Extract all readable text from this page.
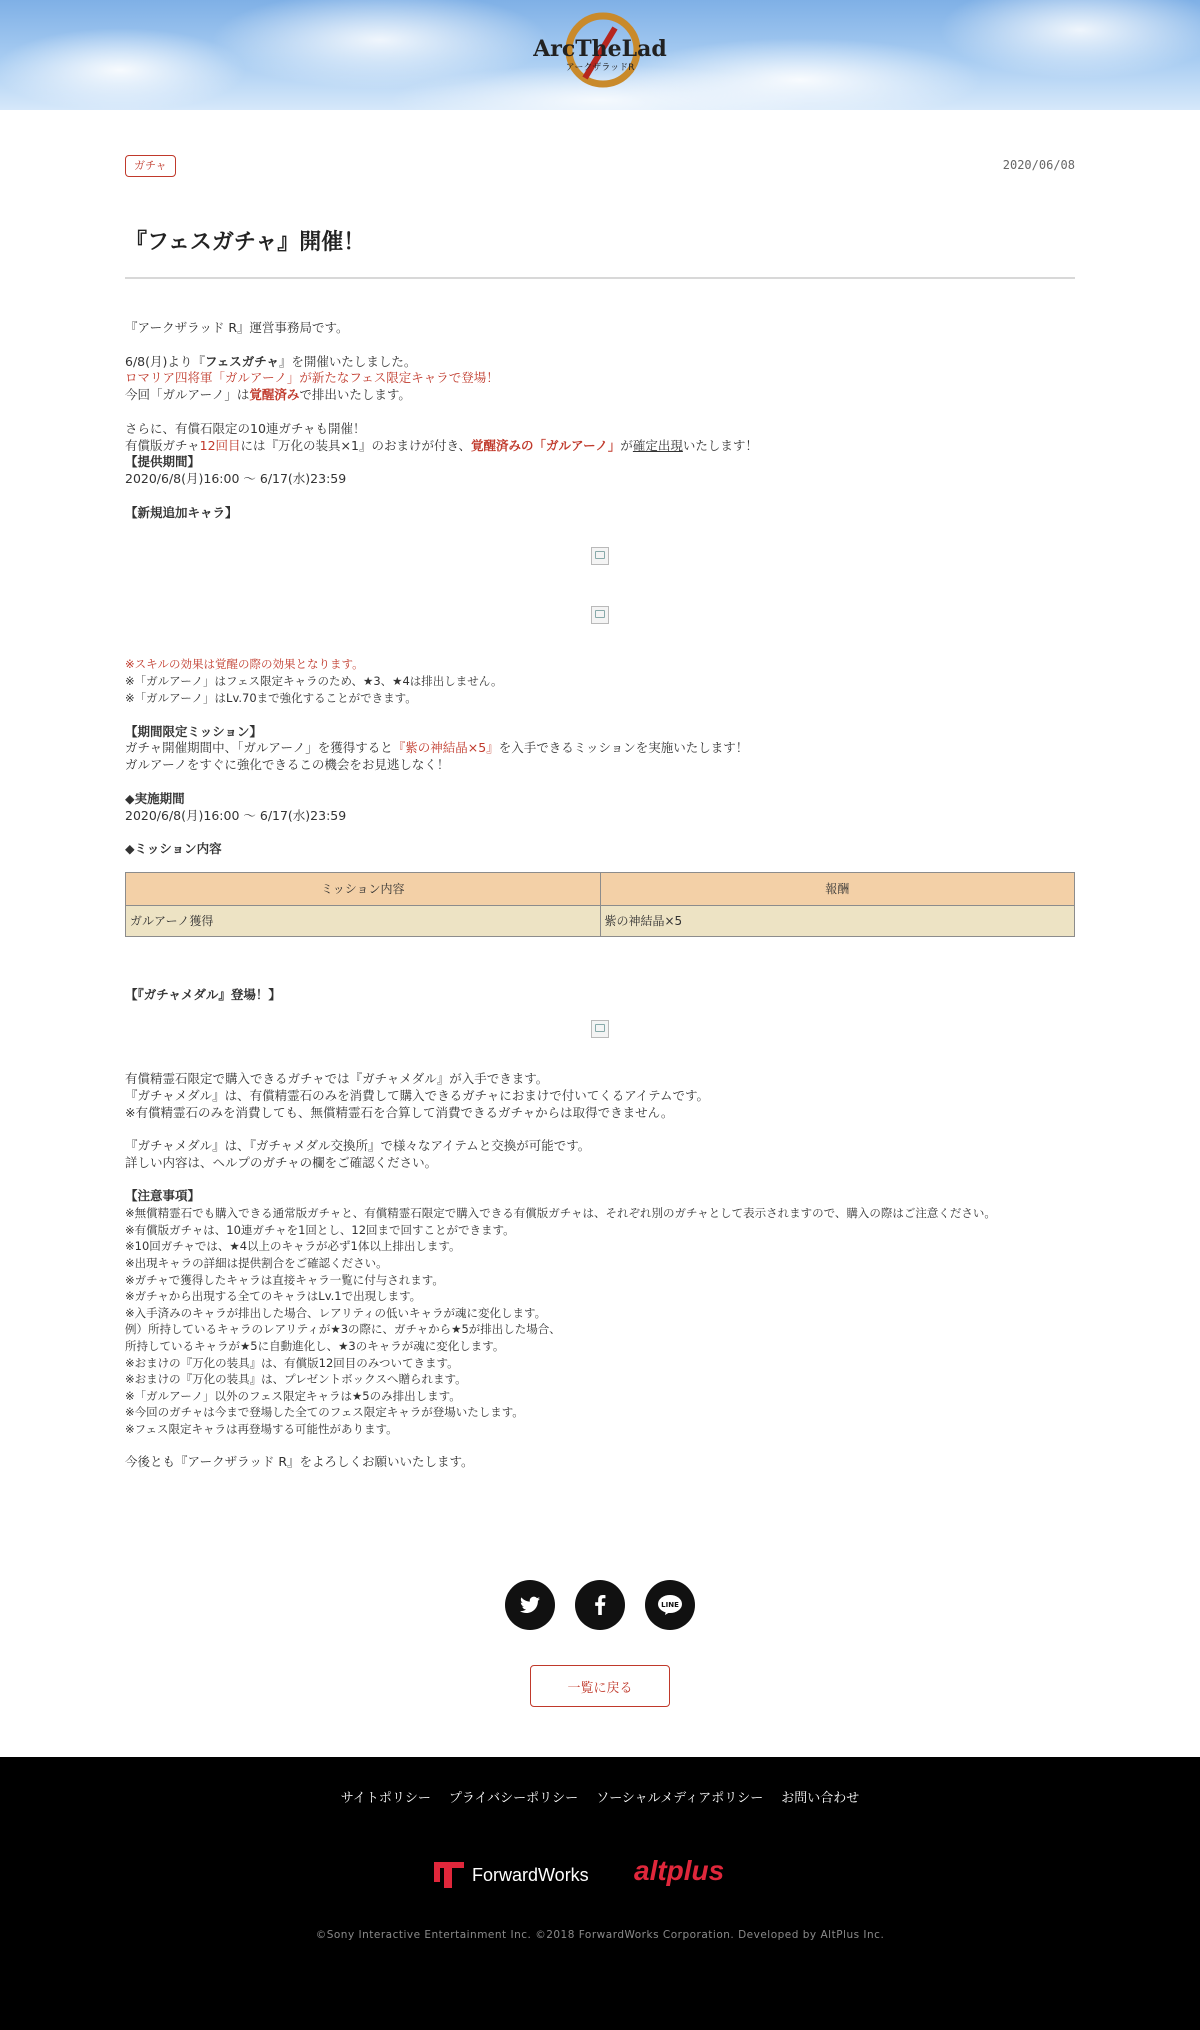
ArcTheLad
アークザラッドR
ガチャ	2020/06/08
『フェスガチャ』開催！

『アークザラッド R』運営事務局です。

6/8(月)より『フェスガチャ』を開催いたしました。

ロマリア四将軍「ガルアーノ」が新たなフェス限定キャラで登場！

今回「ガルアーノ」は覚醒済みで排出いたします。

さらに、有償石限定の10連ガチャも開催！

有償版ガチャ12回目には『万化の装具×1』のおまけが付き、覚醒済みの「ガルアーノ」が確定出現いたします！

【提供期間】

2020/6/8(月)16:00 〜 6/17(水)23:59

【新規追加キャラ】

※スキルの効果は覚醒の際の効果となります。

※「ガルアーノ」はフェス限定キャラのため、★3、★4は排出しません。

※「ガルアーノ」はLv.70まで強化することができます。

【期間限定ミッション】

ガチャ開催期間中、「ガルアーノ」を獲得すると『紫の神結晶×5』を入手できるミッションを実施いたします！

ガルアーノをすぐに強化できるこの機会をお見逃しなく！

◆実施期間

2020/6/8(月)16:00 〜 6/17(水)23:59

◆ミッション内容

ミッション内容	報酬
ガルアーノ獲得	紫の神結晶×5

【『ガチャメダル』登場！】

有償精霊石限定で購入できるガチャでは『ガチャメダル』が入手できます。

『ガチャメダル』は、有償精霊石のみを消費して購入できるガチャにおまけで付いてくるアイテムです。

※有償精霊石のみを消費しても、無償精霊石を合算して消費できるガチャからは取得できません。

『ガチャメダル』は、『ガチャメダル交換所』で様々なアイテムと交換が可能です。

詳しい内容は、ヘルプのガチャの欄をご確認ください。

【注意事項】

※無償精霊石でも購入できる通常版ガチャと、有償精霊石限定で購入できる有償版ガチャは、それぞれ別のガチャとして表示されますので、購入の際はご注意ください。

※有償版ガチャは、10連ガチャを1回とし、12回まで回すことができます。

※10回ガチャでは、★4以上のキャラが必ず1体以上排出します。

※出現キャラの詳細は提供割合をご確認ください。

※ガチャで獲得したキャラは直接キャラ一覧に付与されます。

※ガチャから出現する全てのキャラはLv.1で出現します。

※入手済みのキャラが排出した場合、レアリティの低いキャラが魂に変化します。

例）所持しているキャラのレアリティが★3の際に、ガチャから★5が排出した場合、

所持しているキャラが★5に自動進化し、★3のキャラが魂に変化します。

※おまけの『万化の装具』は、有償版12回目のみついてきます。

※おまけの『万化の装具』は、プレゼントボックスへ贈られます。

※「ガルアーノ」以外のフェス限定キャラは★5のみ排出します。

※今回のガチャは今まで登場した全てのフェス限定キャラが登場いたします。

※フェス限定キャラは再登場する可能性があります。

今後とも『アークザラッド R』をよろしくお願いいたします。

LINE
一覧に戻る
サイトポリシー プライバシーポリシー ソーシャルメディアポリシー お問い合わせ
ForwardWorks altplus
©Sony Interactive Entertainment Inc. ©2018 ForwardWorks Corporation. Developed by AltPlus Inc.
